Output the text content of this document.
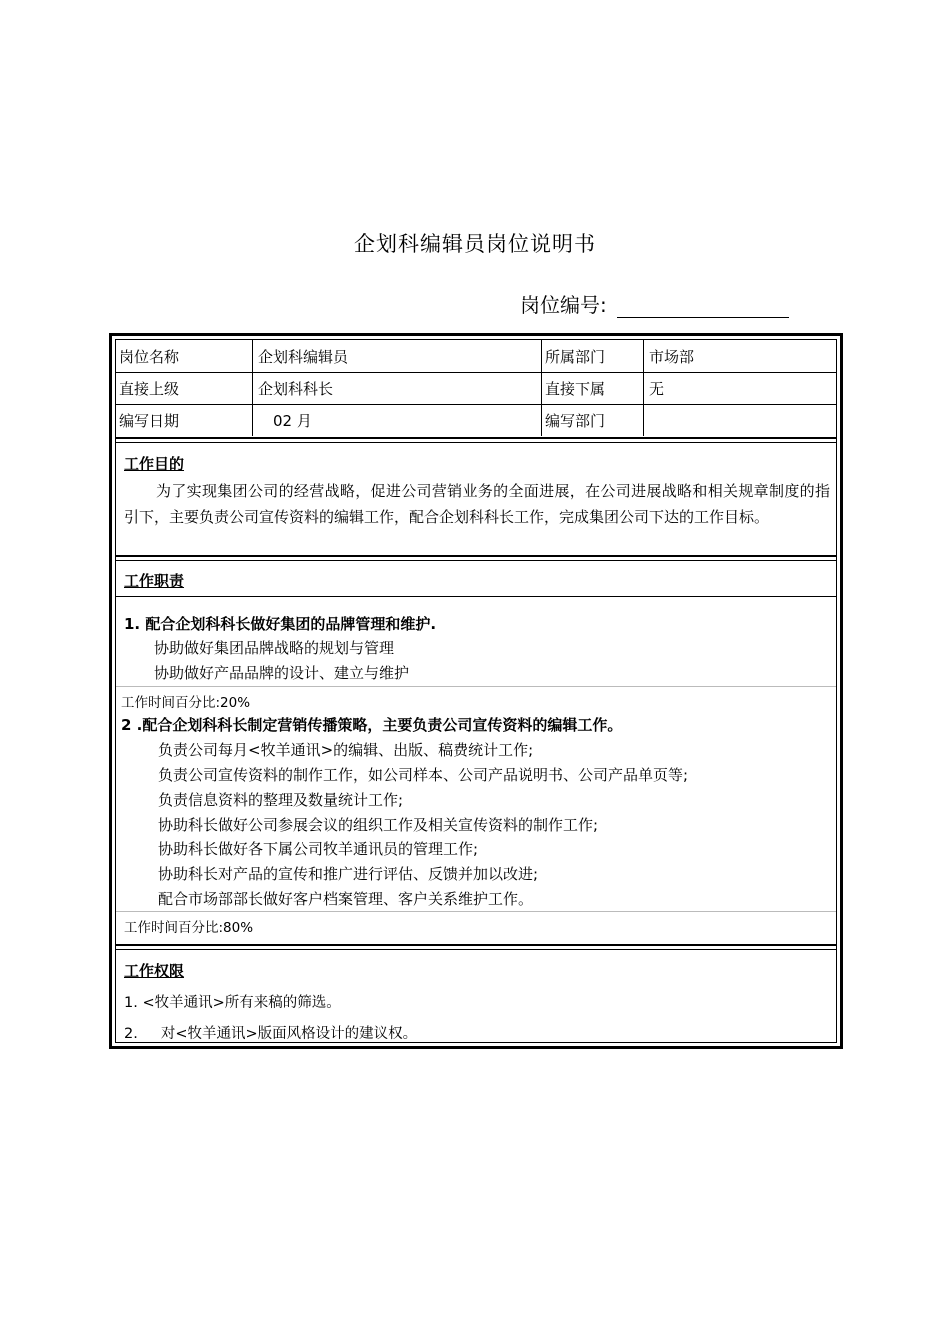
企划科编辑员岗位说明书
岗位编号:
岗位名称	企划科编辑员	所属部门	市场部
直接上级	企划科科长	直接下属	无
编写日期	02 月	编写部门
工作目的
为了实现集团公司的经营战略，促进公司营销业务的全面进展，在公司进展战略和相关规章制度的指引下，主要负责公司宣传资料的编辑工作，配合企划科科长工作，完成集团公司下达的工作目标。
工作职责
1. 配合企划科科长做好集团的品牌管理和维护.
协助做好集团品牌战略的规划与管理
协助做好产品品牌的设计、建立与维护
工作时间百分比:20%
2 .配合企划科科长制定营销传播策略，主要负责公司宣传资料的编辑工作。
负责公司每月<牧羊通讯>的编辑、出版、稿费统计工作;
负责公司宣传资料的制作工作，如公司样本、公司产品说明书、公司产品单页等;
负责信息资料的整理及数量统计工作;
协助科长做好公司参展会议的组织工作及相关宣传资料的制作工作;
协助科长做好各下属公司牧羊通讯员的管理工作;
协助科长对产品的宣传和推广进行评估、反馈并加以改进;
配合市场部部长做好客户档案管理、客户关系维护工作。
工作时间百分比:80%
工作权限
1. <牧羊通讯>所有来稿的筛选。
2.     对<牧羊通讯>版面风格设计的建议权。
